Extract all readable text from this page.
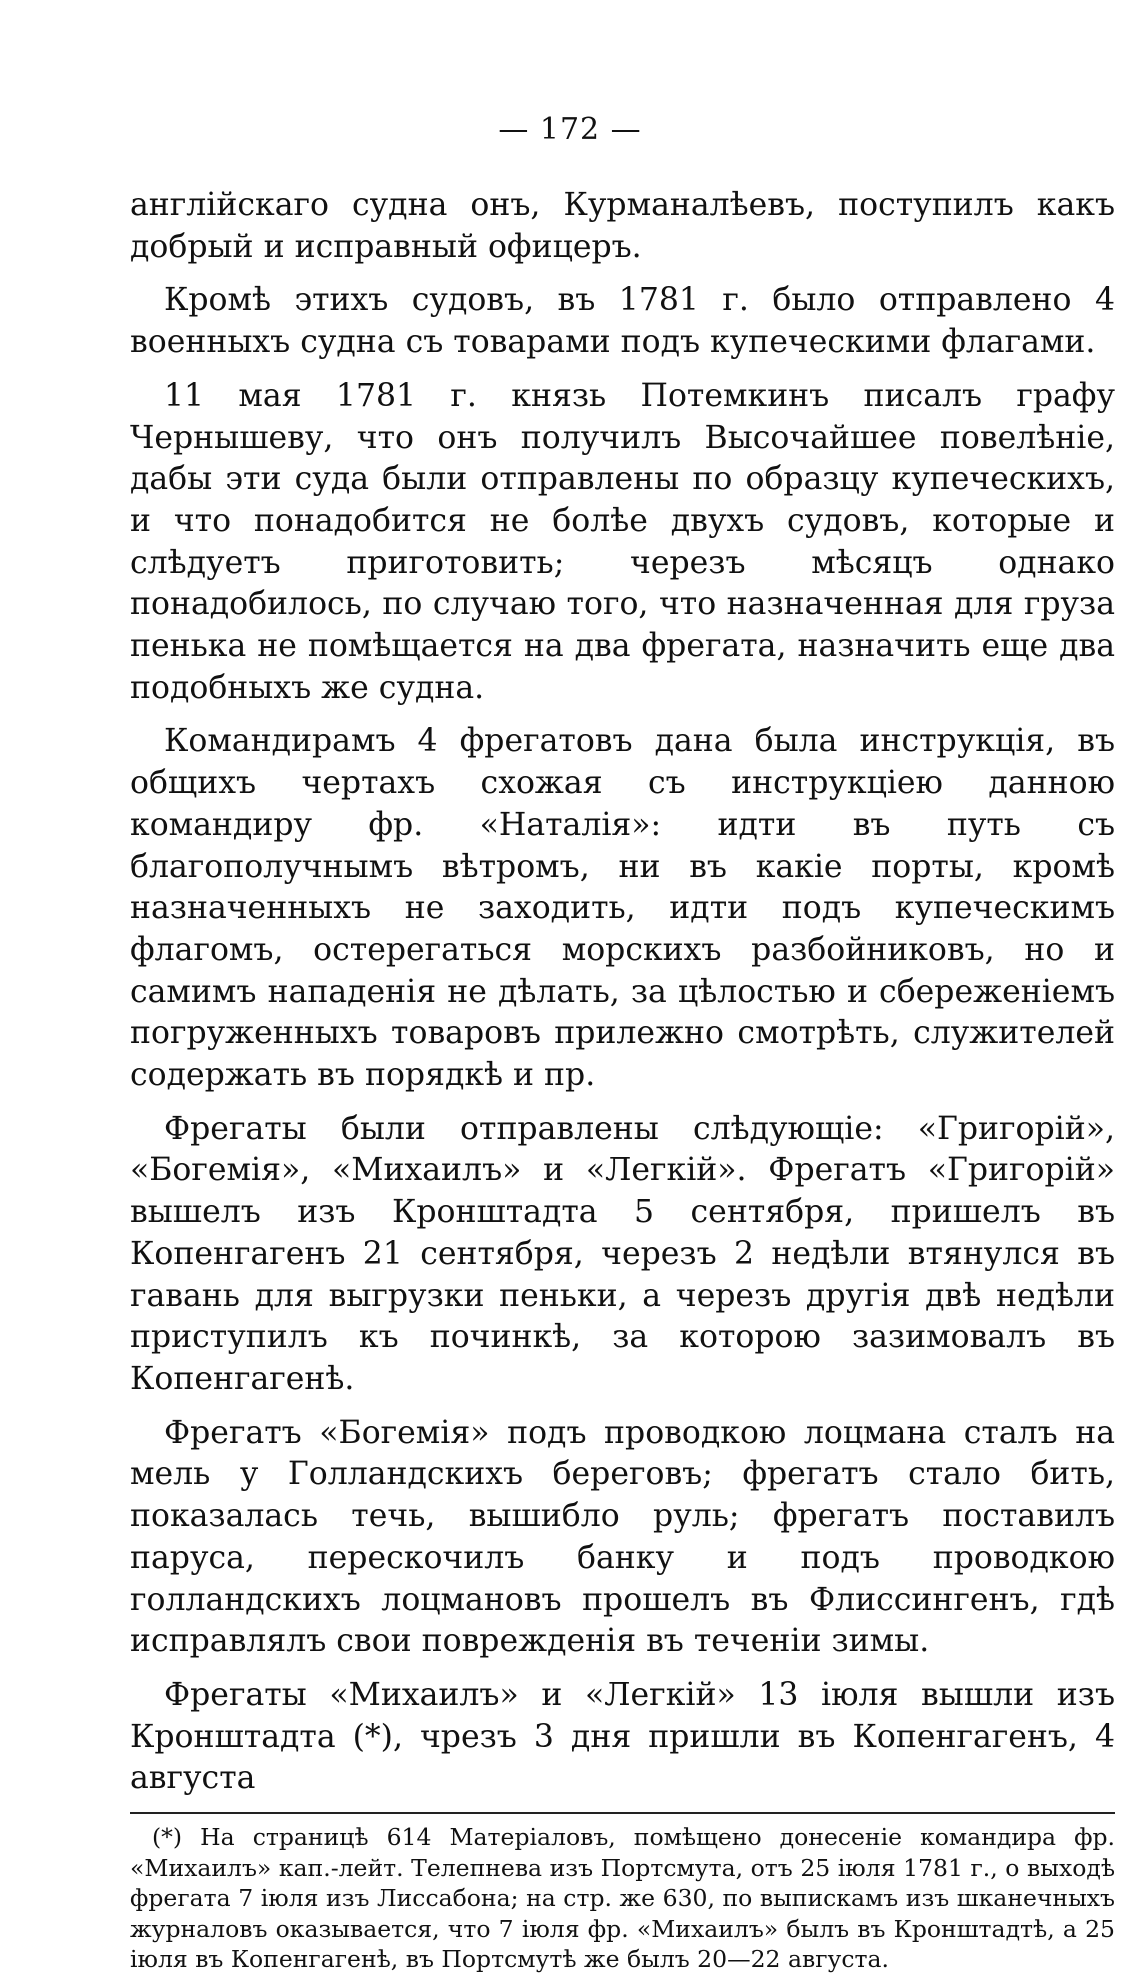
— 172 —

англійскаго судна онъ, Курманалѣевъ, поступилъ какъ добрый и исправный офицеръ.

Кромѣ этихъ судовъ, въ 1781 г. было отправлено 4 военныхъ судна съ товарами подъ купеческими флагами.

11 мая 1781 г. князь Потемкинъ писалъ графу Чернышеву, что онъ получилъ Высочайшее повелѣніе, дабы эти суда были отправлены по образцу купеческихъ, и что понадобится не болѣе двухъ судовъ, которые и слѣдуетъ приготовить; черезъ мѣсяцъ однако понадобилось, по случаю того, что назначенная для груза пенька не помѣщается на два фрегата, назначить еще два подобныхъ же судна.

Командирамъ 4 фрегатовъ дана была инструкція, въ общихъ чертахъ схожая съ инструкціею данною командиру фр. «Наталія»: идти въ путь съ благополучнымъ вѣтромъ, ни въ какіе порты, кромѣ назначенныхъ не заходить, идти подъ купеческимъ флагомъ, остерегаться морскихъ разбойниковъ, но и самимъ нападенія не дѣлать, за цѣлостью и сбереженіемъ погруженныхъ товаровъ прилежно смотрѣть, служителей содержать въ порядкѣ и пр.

Фрегаты были отправлены слѣдующіе: «Григорій», «Богемія», «Михаилъ» и «Легкій». Фрегатъ «Григорій» вышелъ изъ Кронштадта 5 сентября, пришелъ въ Копенгагенъ 21 сентября, черезъ 2 недѣли втянулся въ гавань для выгрузки пеньки, а черезъ другія двѣ недѣли приступилъ къ починкѣ, за которою зазимовалъ въ Копенгагенѣ.

Фрегатъ «Богемія» подъ проводкою лоцмана сталъ на мель у Голландскихъ береговъ; фрегатъ стало бить, показалась течь, вышибло руль; фрегатъ поставилъ паруса, перескочилъ банку и подъ проводкою голландскихъ лоцмановъ прошелъ въ Флиссингенъ, гдѣ исправлялъ свои поврежденія въ теченіи зимы.

Фрегаты «Михаилъ» и «Легкій» 13 іюля вышли изъ Кронштадта (*), чрезъ 3 дня пришли въ Копенгагенъ, 4 августа

(*) На страницѣ 614 Матеріаловъ, помѣщено донесеніе командира фр. «Михаилъ» кап.-лейт. Телепнева изъ Портсмута, отъ 25 іюля 1781 г., о выходѣ фрегата 7 іюля изъ Лиссабона; на стр. же 630, по выпискамъ изъ шканечныхъ журналовъ оказывается, что 7 іюля фр. «Михаилъ» былъ въ Кронштадтѣ, а 25 іюля въ Копенгагенѣ, въ Портсмутѣ же былъ 20—22 августа.
